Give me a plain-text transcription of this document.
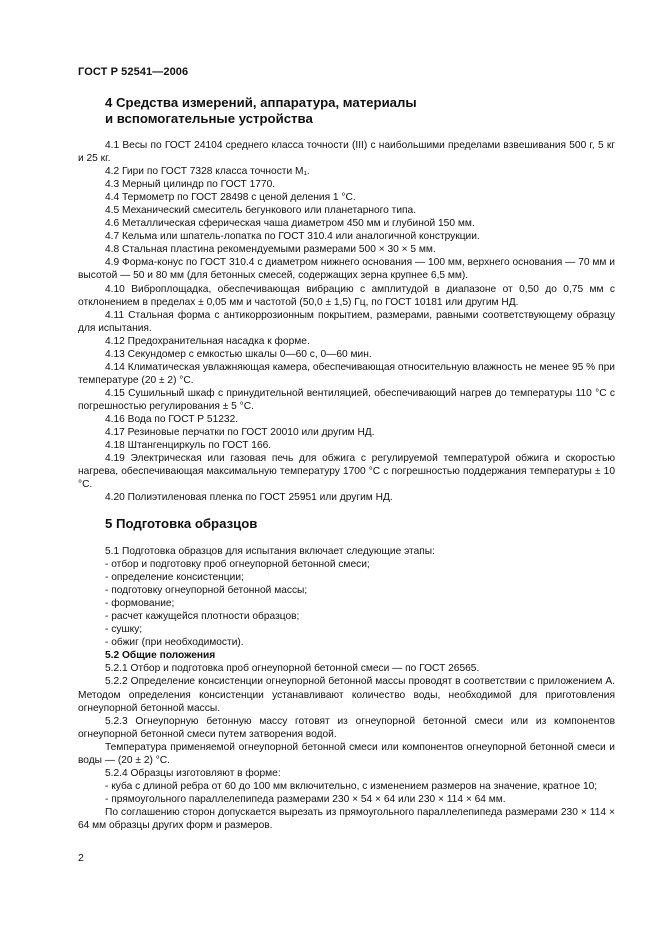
ГОСТ Р 52541—2006
4 Средства измерений, аппаратура, материалы
и вспомогательные устройства

4.1 Весы по ГОСТ 24104 среднего класса точности (III) с наибольшими пределами взвешивания 500 г, 5 кг и 25 кг.

4.2 Гири по ГОСТ 7328 класса точности М₁.

4.3 Мерный цилиндр по ГОСТ 1770.

4.4 Термометр по ГОСТ 28498 с ценой деления 1 °С.

4.5 Механический смеситель бегункового или планетарного типа.

4.6 Металлическая сферическая чаша диаметром 450 мм и глубиной 150 мм.

4.7 Кельма или шпатель-лопатка по ГОСТ 310.4 или аналогичной конструкции.

4.8 Стальная пластина рекомендуемыми размерами 500 × 30 × 5 мм.

4.9 Форма-конус по ГОСТ 310.4 с диаметром нижнего основания — 100 мм, верхнего основания — 70 мм и высотой — 50 и 80 мм (для бетонных смесей, содержащих зерна крупнее 6,5 мм).

4.10 Виброплощадка, обеспечивающая вибрацию с амплитудой в диапазоне от 0,50 до 0,75 мм с отклонением в пределах ± 0,05 мм и частотой (50,0 ± 1,5) Гц, по ГОСТ 10181 или другим НД.

4.11 Стальная форма с антикоррозионным покрытием, размерами, равными соответствующему образцу для испытания.

4.12 Предохранительная насадка к форме.

4.13 Секундомер с емкостью шкалы 0—60 с, 0—60 мин.

4.14 Климатическая увлажняющая камера, обеспечивающая относительную влажность не менее 95 % при температуре (20 ± 2) °С.

4.15 Сушильный шкаф с принудительной вентиляцией, обеспечивающий нагрев до температуры 110 °С с погрешностью регулирования ± 5 °С.

4.16 Вода по ГОСТ Р 51232.

4.17 Резиновые перчатки по ГОСТ 20010 или другим НД.

4.18 Штангенциркуль по ГОСТ 166.

4.19 Электрическая или газовая печь для обжига с регулируемой температурой обжига и скоростью нагрева, обеспечивающая максимальную температуру 1700 °С с погрешностью поддержания температуры ± 10 °С.

4.20 Полиэтиленовая пленка по ГОСТ 25951 или другим НД.

5 Подготовка образцов

5.1 Подготовка образцов для испытания включает следующие этапы:

- отбор и подготовку проб огнеупорной бетонной смеси;

- определение консистенции;

- подготовку огнеупорной бетонной массы;

- формование;

- расчет кажущейся плотности образцов;

- сушку;

- обжиг (при необходимости).

5.2 Общие положения

5.2.1 Отбор и подготовка проб огнеупорной бетонной смеси — по ГОСТ 26565.

5.2.2 Определение консистенции огнеупорной бетонной массы проводят в соответствии с приложением А. Методом определения консистенции устанавливают количество воды, необходимой для приготовления огнеупорной бетонной массы.

5.2.3 Огнеупорную бетонную массу готовят из огнеупорной бетонной смеси или из компонентов огнеупорной бетонной смеси путем затворения водой.

Температура применяемой огнеупорной бетонной смеси или компонентов огнеупорной бетонной смеси и воды — (20 ± 2) °С.

5.2.4 Образцы изготовляют в форме:

- куба с длиной ребра от 60 до 100 мм включительно, с изменением размеров на значение, кратное 10;

- прямоугольного параллелепипеда размерами 230 × 54 × 64 или 230 × 114 × 64 мм.

По соглашению сторон допускается вырезать из прямоугольного параллелепипеда размерами 230 × 114 × 64 мм образцы других форм и размеров.

2
